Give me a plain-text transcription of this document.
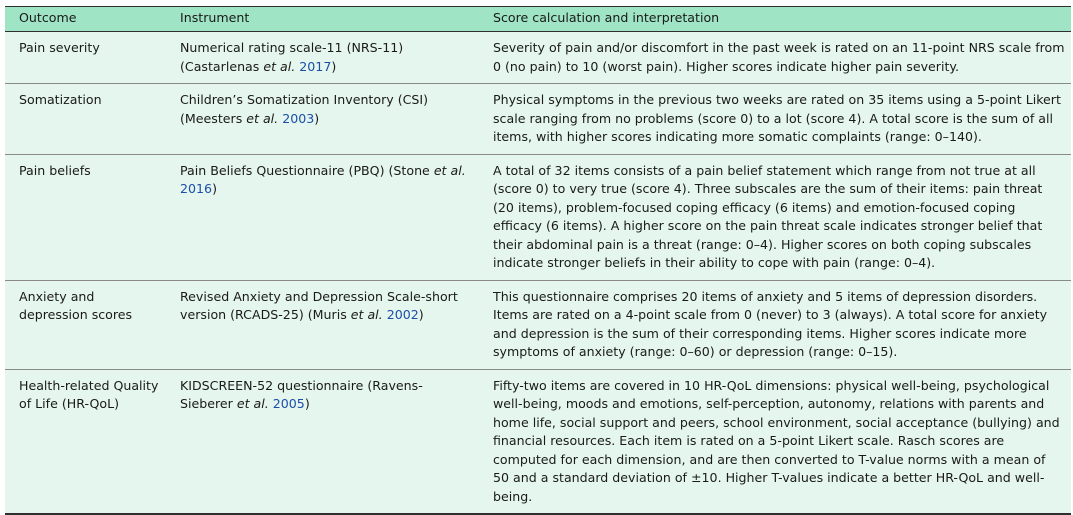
Outcome	Instrument	Score calculation and interpretation
Pain severity	Numerical rating scale-11 (NRS-11) (Castarlenas et al. 2017)	Severity of pain and/or discomfort in the past week is rated on an 11-point NRS scale from 0 (no pain) to 10 (worst pain). Higher scores indicate higher pain severity.
Somatization	Children’s Somatization Inventory (CSI) (Meesters et al. 2003)	Physical symptoms in the previous two weeks are rated on 35 items using a 5-point Likert scale ranging from no problems (score 0) to a lot (score 4). A total score is the sum of all items, with higher scores indicating more somatic complaints (range: 0–140).
Pain beliefs	Pain Beliefs Questionnaire (PBQ) (Stone et al. 2016)	A total of 32 items consists of a pain belief statement which range from not true at all (score 0) to very true (score 4). Three subscales are the sum of their items: pain threat (20 items), problem-focused coping efficacy (6 items) and emotion-focused coping efficacy (6 items). A higher score on the pain threat scale indicates stronger belief that their abdominal pain is a threat (range: 0–4). Higher scores on both coping subscales indicate stronger beliefs in their ability to cope with pain (range: 0–4).
Anxiety and depression scores	Revised Anxiety and Depression Scale-short version (RCADS-25) (Muris et al. 2002)	This questionnaire comprises 20 items of anxiety and 5 items of depression disorders. Items are rated on a 4-point scale from 0 (never) to 3 (always). A total score for anxiety and depression is the sum of their corresponding items. Higher scores indicate more symptoms of anxiety (range: 0–60) or depression (range: 0–15).
Health-related Quality of Life (HR-QoL)	KIDSCREEN-52 questionnaire (Ravens-Sieberer et al. 2005)	Fifty-two items are covered in 10 HR-QoL dimensions: physical well-being, psychological well-being, moods and emotions, self-perception, autonomy, relations with parents and home life, social support and peers, school environment, social acceptance (bullying) and financial resources. Each item is rated on a 5-point Likert scale. Rasch scores are computed for each dimension, and are then converted to T-value norms with a mean of 50 and a standard deviation of ±10. Higher T-values indicate a better HR-QoL and well-being.
